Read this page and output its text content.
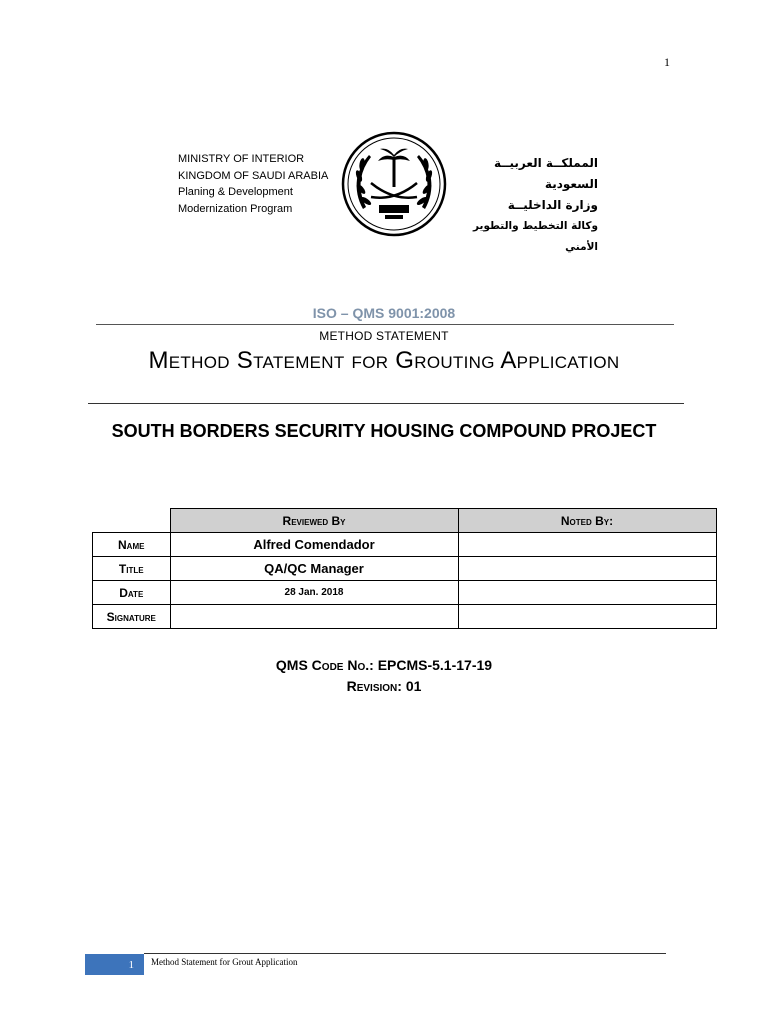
1
MINISTRY OF INTERIOR
KINGDOM OF SAUDI ARABIA
Planing & Development
Modernization Program
المملكــة العربيــة السعودية
وزارة الداخليــة
وكالة التخطيط والتطوير الأمني
ISO – QMS 9001:2008
METHOD STATEMENT
Method Statement for Grouting Application
SOUTH BORDERS SECURITY HOUSING COMPOUND PROJECT
	Reviewed By	Noted By:
Name	Alfred Comendador	
Title	QA/QC Manager	
Date	28 Jan. 2018	
Signature		
QMS Code No.: EPCMS-5.1-17-19
Revision: 01
1	Method Statement for Grout Application
